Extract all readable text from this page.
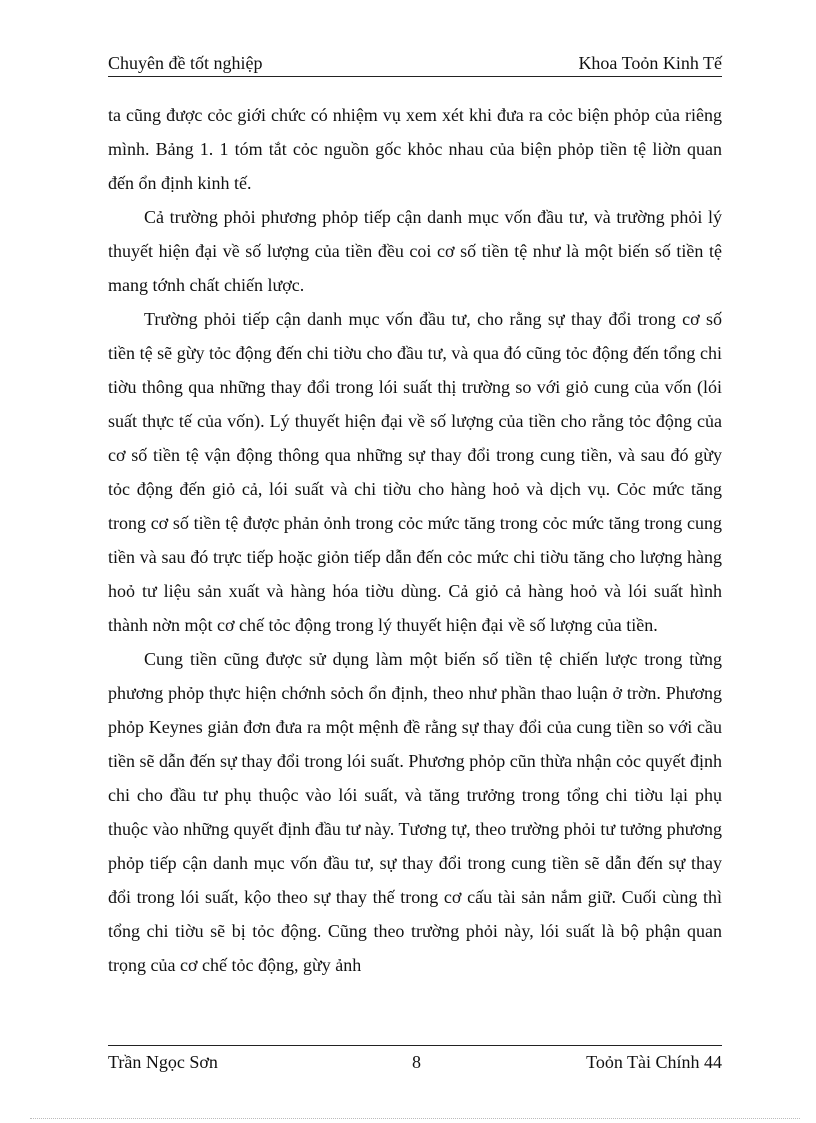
Chuyên đề tốt nghiệp	Khoa Toỏn Kinh Tế

ta cũng được cỏc giới chức có nhiệm vụ xem xét khi đưa ra cỏc biện phỏp của riêng mình. Bảng 1. 1 tóm tắt cỏc nguồn gốc khỏc nhau của biện phỏp tiền tệ liờn quan đến ổn định kinh tế.

Cả trường phỏi phương phỏp tiếp cận danh mục vốn đầu tư, và trường phỏi lý thuyết hiện đại về số lượng của tiền đều coi cơ số tiền tệ như là một biến số tiền tệ mang tớnh chất chiến lược.

Trường phỏi tiếp cận danh mục vốn đầu tư, cho rằng sự thay đổi trong cơ số tiền tệ sẽ gừy tỏc động đến chi tiờu cho đầu tư, và qua đó cũng tỏc động đến tổng chi tiờu thông qua những thay đổi trong lói suất thị trường so với giỏ cung của vốn (lói suất thực tế của vốn). Lý thuyết hiện đại về số lượng của tiền cho rằng tỏc động của cơ số tiền tệ vận động thông qua những sự thay đổi trong cung tiền, và sau đó gừy tỏc động đến giỏ cả, lói suất và chi tiờu cho hàng hoỏ và dịch vụ. Cỏc mức tăng trong cơ số tiền tệ được phản ỏnh trong cỏc mức tăng trong cỏc mức tăng trong cung tiền và sau đó trực tiếp hoặc giỏn tiếp dẫn đến cỏc mức chi tiờu tăng cho lượng hàng hoỏ tư liệu sản xuất và hàng hóa tiờu dùng. Cả giỏ cả hàng hoỏ và lói suất hình thành nờn một cơ chế tỏc động trong lý thuyết hiện đại về số lượng của tiền.

Cung tiền cũng được sử dụng làm một biến số tiền tệ chiến lược trong từng phương phỏp thực hiện chớnh sỏch ổn định, theo như phần thao luận ở trờn. Phương phỏp Keynes giản đơn đưa ra một mệnh đề rằng sự thay đổi của cung tiền so với cầu tiền sẽ dẫn đến sự thay đổi trong lói suất. Phương phỏp cũn thừa nhận cỏc quyết định chi cho đầu tư phụ thuộc vào lói suất, và tăng trưởng trong tổng chi tiờu lại phụ thuộc vào những quyết định đầu tư này. Tương tự, theo trường phỏi tư tưởng phương phỏp tiếp cận danh mục vốn đầu tư, sự thay đổi trong cung tiền sẽ dẫn đến sự thay đổi trong lói suất, kộo theo sự thay thế trong cơ cấu tài sản nắm giữ. Cuối cùng thì tổng chi tiờu sẽ bị tỏc động. Cũng theo trường phỏi này, lói suất là bộ phận quan trọng của cơ chế tỏc động, gừy ảnh

Trần Ngọc Sơn	8	Toỏn Tài Chính 44
